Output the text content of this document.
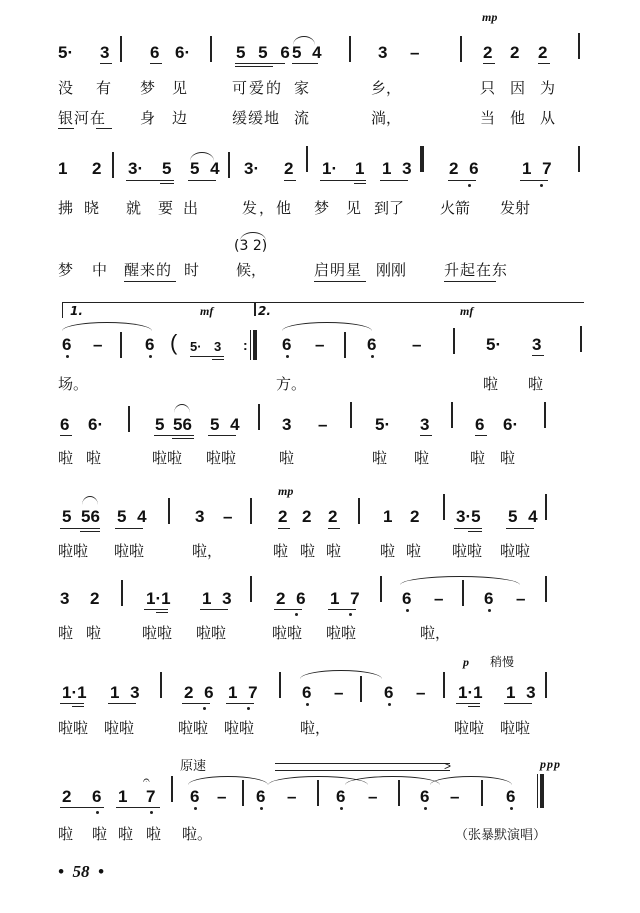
mp
5· 3 6 6·	5 5 6
5 4	3 –	2 2 2
没 有 梦 见	可爱的 家	乡，	只 因 为
银河在 身 边	缓缓地 流	淌，	当 他 从
1 2 3· 5 5 4 3· 2 1· 1 1 3 2 6 1 7
拂 晓 就 要 出	发，他 梦 见 到了 火箭 发射
(3 2)
梦 中 醒来的 时 候，	启明星 刚刚	升起在东
1.	mf	2.	mf
6 –	6 ( 5· 3 : 6 –	6 –	5· 3
场。	方。	啦 啦
6 6·	5 56 5 4 3 –	5· 3	6 6·
啦 啦	啦啦 啦啦	啦	啦 啦	啦 啦
mp
5 56 5 4	3 –	2 2 2	1 2 3·5 5 4
啦啦 啦啦	啦，	啦 啦 啦	啦 啦 啦啦 啦啦
3 2	1·1 1 3 2 6 1 7 6 – 6 –
啦 啦	啦啦 啦啦	啦啦 啦啦	啦，
p 稍慢
1·1 1 3 2 6 1 7 6 – 6 – 1·1 1 3
啦啦 啦啦	啦啦 啦啦	啦，	啦啦 啦啦
原速	>	ppp
2 6 1
𝄐
7 6 – 6 – 6 –	6 –	6
啦 啦 啦 啦 啦。	（张暴默演唱）
•  58  •
